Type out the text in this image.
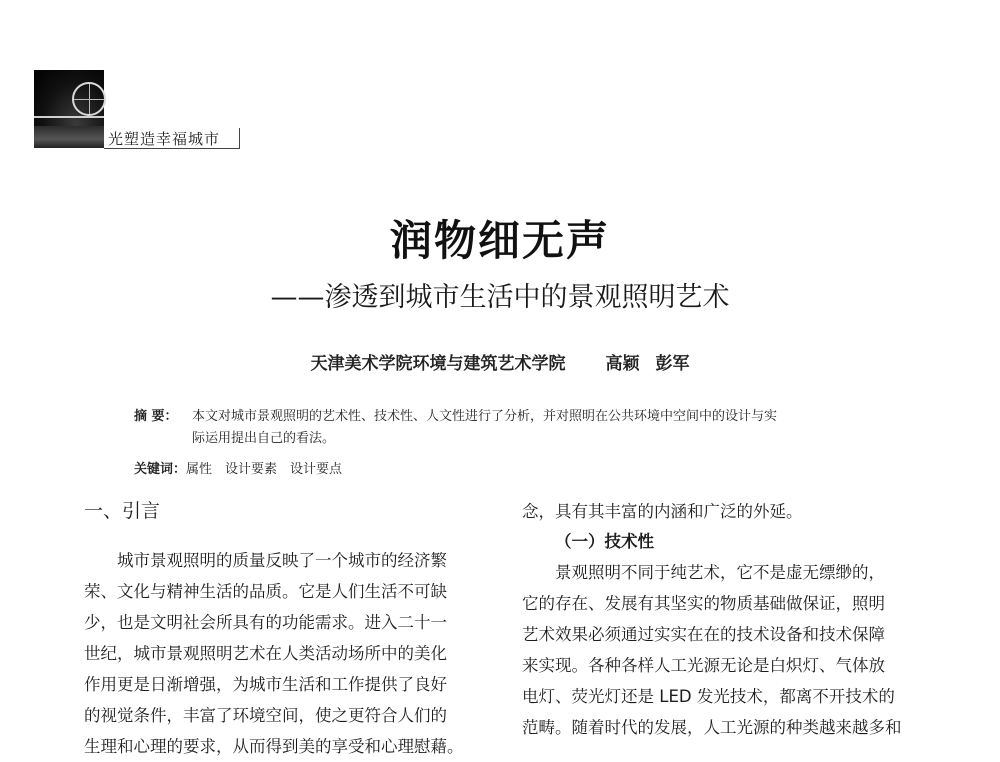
光塑造幸福城市
润物细无声
——渗透到城市生活中的景观照明艺术
天津美术学院环境与建筑艺术学院 高颖 彭军
摘 要： 本文对城市景观照明的艺术性、技术性、人文性进行了分析，并对照明在公共环境中空间中的设计与实
际运用提出自己的看法。
关键词：属性　设计要素　设计要点
一、引言

城市景观照明的质量反映了一个城市的经济繁

荣、文化与精神生活的品质。它是人们生活不可缺

少，也是文明社会所具有的功能需求。进入二十一

世纪，城市景观照明艺术在人类活动场所中的美化

作用更是日渐增强，为城市生活和工作提供了良好

的视觉条件，丰富了环境空间，使之更符合人们的

生理和心理的要求，从而得到美的享受和心理慰藉。

念，具有其丰富的内涵和广泛的外延。

（一）技术性

景观照明不同于纯艺术，它不是虚无缥缈的，

它的存在、发展有其坚实的物质基础做保证，照明

艺术效果必须通过实实在在的技术设备和技术保障

来实现。各种各样人工光源无论是白炽灯、气体放

电灯、荧光灯还是 LED 发光技术，都离不开技术的

范畴。随着时代的发展，人工光源的种类越来越多和
